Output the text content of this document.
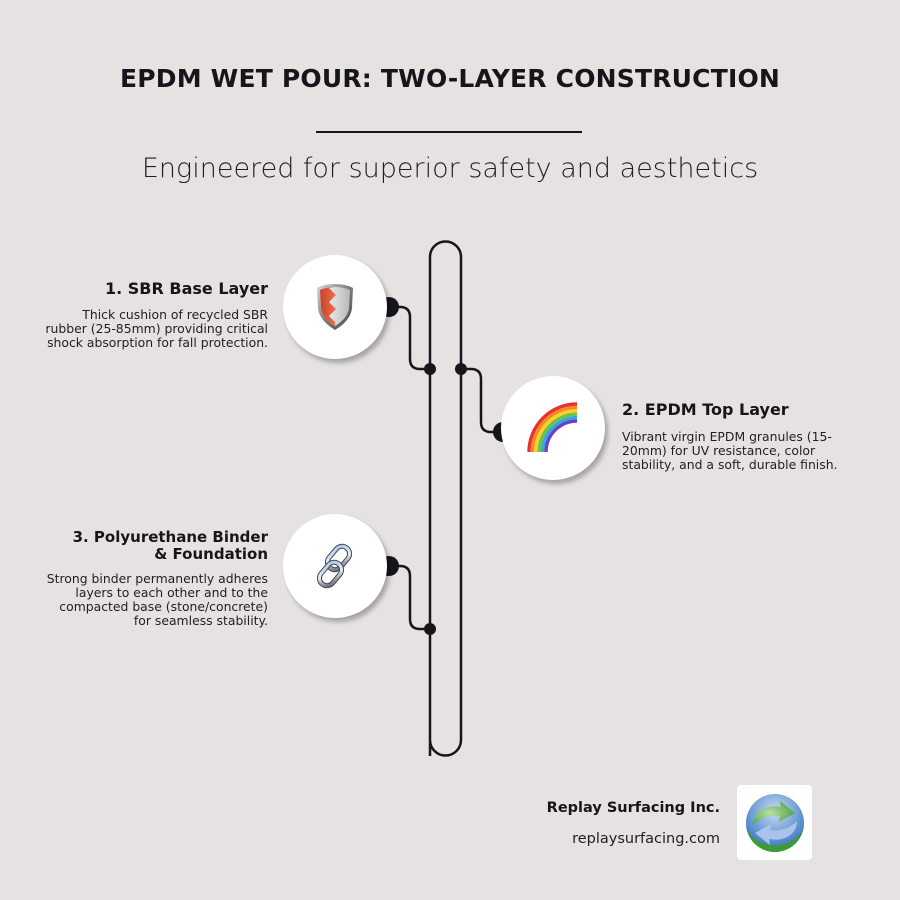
EPDM WET POUR: TWO-LAYER CONSTRUCTION
Engineered for superior safety and aesthetics
1. SBR Base Layer

Thick cushion of recycled SBR rubber (25-85mm) providing critical shock absorption for fall protection.

2. EPDM Top Layer

Vibrant virgin EPDM granules (15-20mm) for UV resistance, color stability, and a soft, durable finish.

3. Polyurethane Binder
& Foundation

Strong binder permanently adheres layers to each other and to the compacted base (stone/concrete) for seamless stability.

Replay Surfacing Inc.
replaysurfacing.com
